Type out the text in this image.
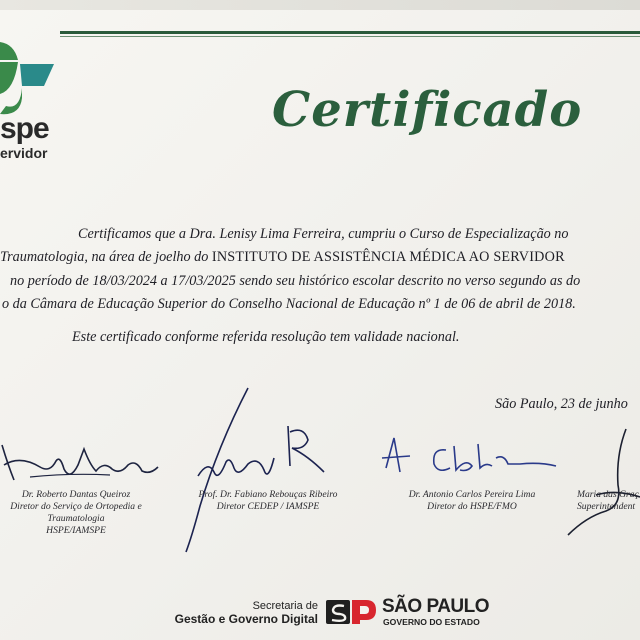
spe
ervidor
Certificado
Certificamos que a Dra. Lenisy Lima Ferreira, cumpriu o Curso de Especialização no
Traumatologia, na área de joelho do INSTITUTO DE ASSISTÊNCIA MÉDICA AO SERVIDOR
no período de 18/03/2024 a 17/03/2025 sendo seu histórico escolar descrito no verso segundo as do
o da Câmara de Educação Superior do Conselho Nacional de Educação nº 1 de 06 de abril de 2018.
Este certificado conforme referida resolução tem validade nacional.
São Paulo, 23 de junho
Dr. Roberto Dantas Queiroz
Diretor do Serviço de Ortopedia e
Traumatologia
HSPE/IAMSPE
Prof. Dr. Fabiano Rebouças Ribeiro
Diretor CEDEP / IAMSPE
Dr. Antonio Carlos Pereira Lima
Diretor do HSPE/FMO
Maria das Graç
Superintendent
Secretaria de
Gestão e Governo Digital
SÃO PAULO
GOVERNO DO ESTADO
